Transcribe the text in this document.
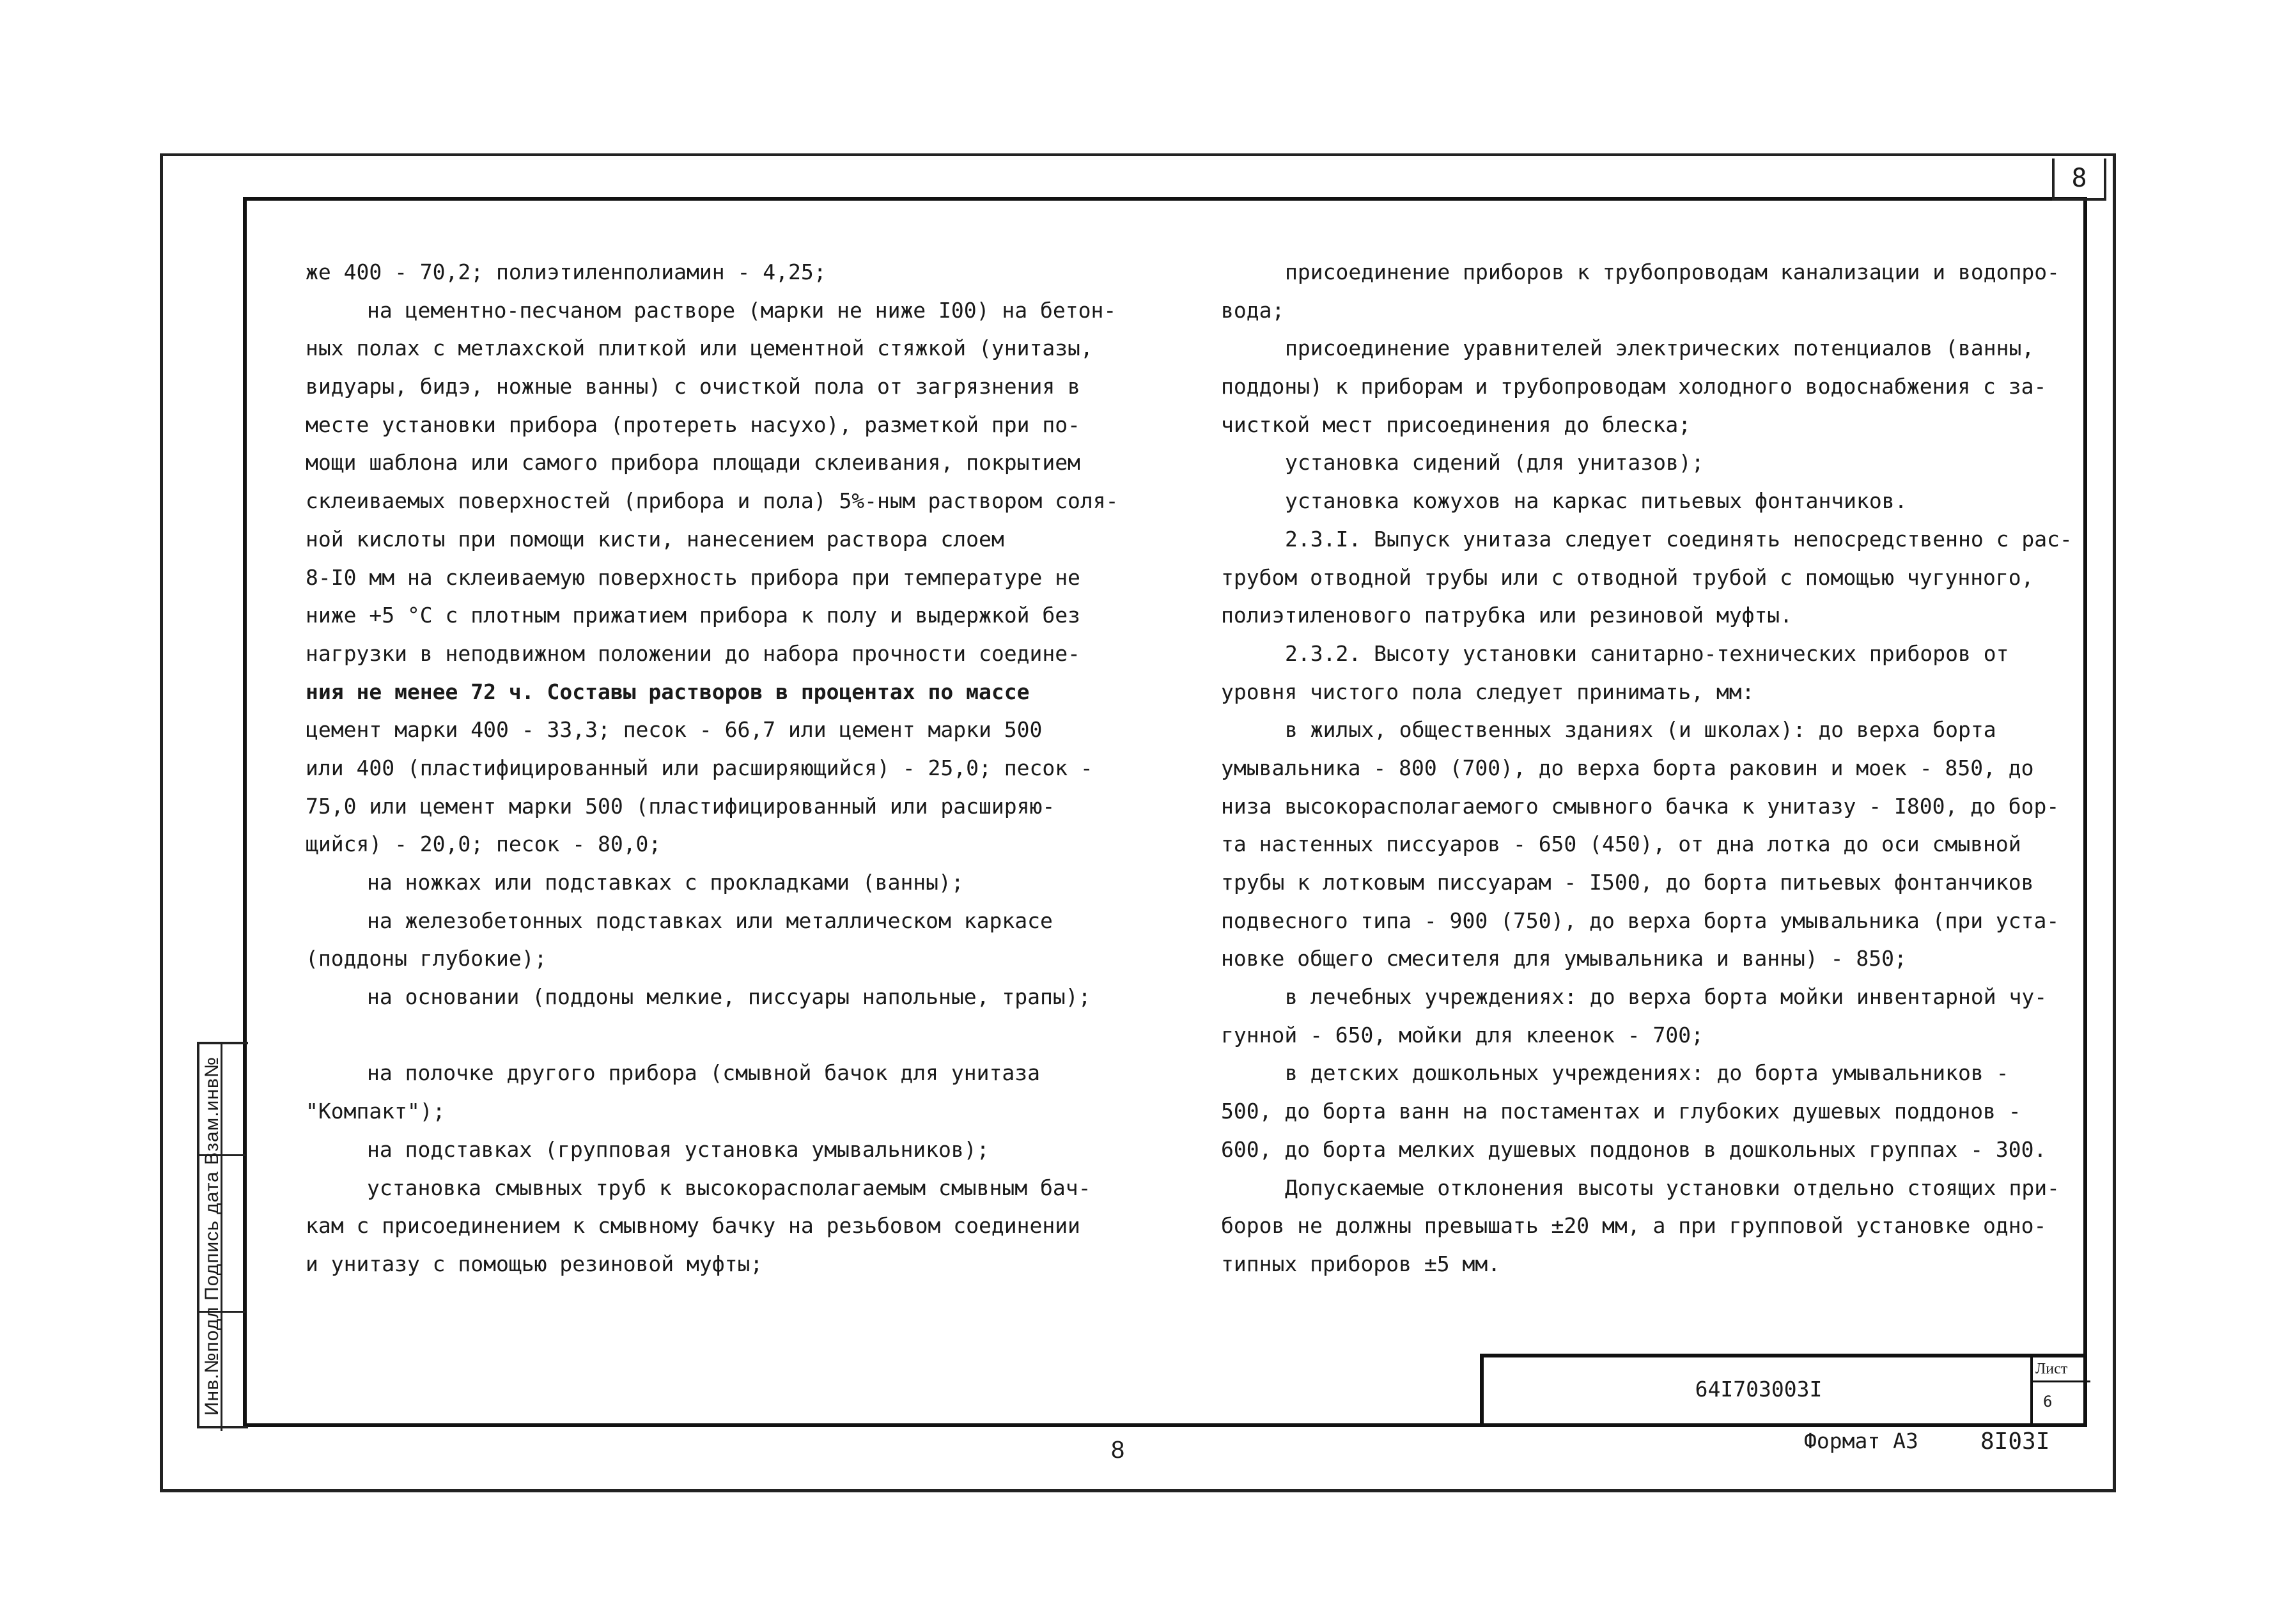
8
же 400 - 70,2; полиэтиленполиамин - 4,25;
на цементно-песчаном растворе (марки не ниже I00) на бетон-
ных полах с метлахской плиткой или цементной стяжкой (унитазы,
видуары, бидэ, ножные ванны) с очисткой пола от загрязнения в
месте установки прибора (протереть насухо), разметкой при по-
мощи шаблона или самого прибора площади склеивания, покрытием
склеиваемых поверхностей (прибора и пола) 5%-ным раствором соля-
ной кислоты при помощи кисти, нанесением раствора слоем
8-I0 мм на склеиваемую поверхность прибора при температуре не
ниже +5 °С с плотным прижатием прибора к полу и выдержкой без
нагрузки в неподвижном положении до набора прочности соедине-
ния не менее 72 ч. Составы растворов в процентах по массе
цемент марки 400 - 33,3; песок - 66,7 или цемент марки 500
или 400 (пластифицированный или расширяющийся) - 25,0; песок -
75,0 или цемент марки 500 (пластифицированный или расширяю-
щийся) - 20,0; песок - 80,0;
на ножках или подставках с прокладками (ванны);
на железобетонных подставках или металлическом каркасе
(поддоны глубокие);
на основании (поддоны мелкие, писсуары напольные, трапы);
на полочке другого прибора (смывной бачок для унитаза
"Компакт");
на подставках (групповая установка умывальников);
установка смывных труб к высокорасполагаемым смывным бач-
кам с присоединением к смывному бачку на резьбовом соединении
и унитазу с помощью резиновой муфты;
присоединение приборов к трубопроводам канализации и водопро-
вода;
присоединение уравнителей электрических потенциалов (ванны,
поддоны) к приборам и трубопроводам холодного водоснабжения с за-
чисткой мест присоединения до блеска;
установка сидений (для унитазов);
установка кожухов на каркас питьевых фонтанчиков.
2.3.I. Выпуск унитаза следует соединять непосредственно с рас-
трубом отводной трубы или с отводной трубой с помощью чугунного,
полиэтиленового патрубка или резиновой муфты.
2.3.2. Высоту установки санитарно-технических приборов от
уровня чистого пола следует принимать, мм:
в жилых, общественных зданиях (и школах): до верха борта
умывальника - 800 (700), до верха борта раковин и моек - 850, до
низа высокорасполагаемого смывного бачка к унитазу - I800, до бор-
та настенных писсуаров - 650 (450), от дна лотка до оси смывной
трубы к лотковым писсуарам - I500, до борта питьевых фонтанчиков
подвесного типа - 900 (750), до верха борта умывальника (при уста-
новке общего смесителя для умывальника и ванны) - 850;
в лечебных учреждениях: до верха борта мойки инвентарной чу-
гунной - 650, мойки для клеенок - 700;
в детских дошкольных учреждениях: до борта умывальников -
500, до борта ванн на постаментах и глубоких душевых поддонов -
600, до борта мелких душевых поддонов в дошкольных группах - 300.
Допускаемые отклонения высоты установки отдельно стоящих при-
боров не должны превышать ±20 мм, а при групповой установке одно-
типных приборов ±5 мм.
Инв.№подл Подпись дата Взам.инв№	64I703003I
Лист
6
8	Формат А3	8I03I
